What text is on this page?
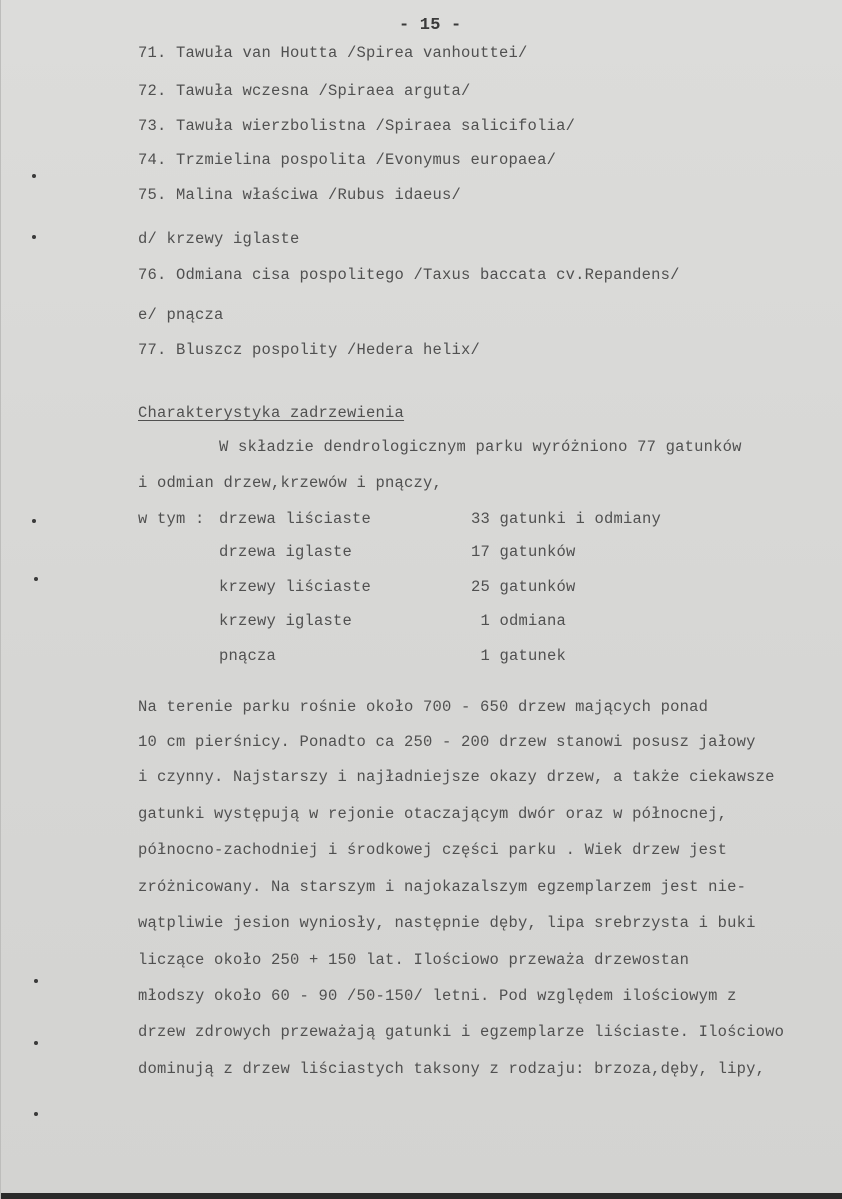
- 15 -
71. Tawuła van Houtta /Spirea vanhouttei/
72. Tawuła wczesna /Spiraea arguta/
73. Tawuła wierzbolistna /Spiraea salicifolia/
74. Trzmielina pospolita /Evonymus europaea/
75. Malina właściwa /Rubus idaeus/
d/ krzewy iglaste
76. Odmiana cisa pospolitego /Taxus baccata cv.Repandens/
e/ pnącza
77. Bluszcz pospolity /Hedera helix/
Charakterystyka zadrzewienia
W składzie dendrologicznym parku wyróżniono 77 gatunków
i odmian drzew,krzewów i pnączy,
w tym : drzewa liściaste	33 gatunki i odmiany
drzewa iglaste	17 gatunków
krzewy liściaste	25 gatunków
krzewy iglaste	1 odmiana
pnącza	1 gatunek
Na terenie parku rośnie około 700 - 650 drzew mających ponad
10 cm pierśnicy. Ponadto ca 250 - 200 drzew stanowi posusz jałowy
i czynny. Najstarszy i najładniejsze okazy drzew, a także ciekawsze
gatunki występują w rejonie otaczającym dwór oraz w północnej,
północno-zachodniej i środkowej części parku . Wiek drzew jest
zróżnicowany. Na starszym i najokazalszym egzemplarzem jest nie-
wątpliwie jesion wyniosły, następnie dęby, lipa srebrzysta i buki
liczące około 250 + 150 lat. Ilościowo przeważa drzewostan
młodszy około 60 - 90 /50-150/ letni. Pod względem ilościowym z
drzew zdrowych przeważają gatunki i egzemplarze liściaste. Ilościowo
dominują z drzew liściastych taksony z rodzaju: brzoza,dęby, lipy,
